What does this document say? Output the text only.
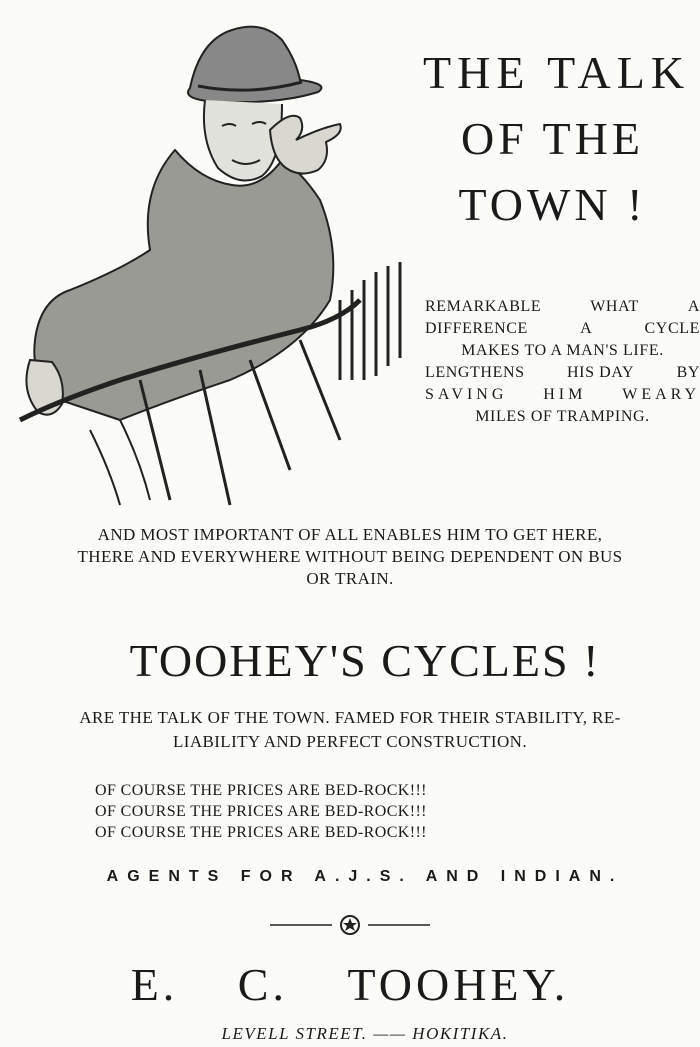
THE TALK
OF THE
TOWN !
REMARKABLE	WHAT	A
DIFFERENCE	A	CYCLE
MAKES TO A MAN'S LIFE.
LENGTHENS	HIS DAY	BY
SAVING HIM WEARY
MILES OF TRAMPING.
AND MOST IMPORTANT OF ALL ENABLES HIM TO GET HERE,
THERE AND EVERYWHERE WITHOUT BEING DEPENDENT ON BUS
OR TRAIN.
TOOHEY'S CYCLES !
ARE THE TALK OF THE TOWN. FAMED FOR THEIR STABILITY, RE-
LIABILITY AND PERFECT CONSTRUCTION.
OF COURSE THE PRICES ARE BED-ROCK!!!
OF COURSE THE PRICES ARE BED-ROCK!!!
OF COURSE THE PRICES ARE BED-ROCK!!!
AGENTS FOR A.J.S. AND INDIAN.
E. C. TOOHEY.
LEVELL STREET. —— HOKITIKA.
